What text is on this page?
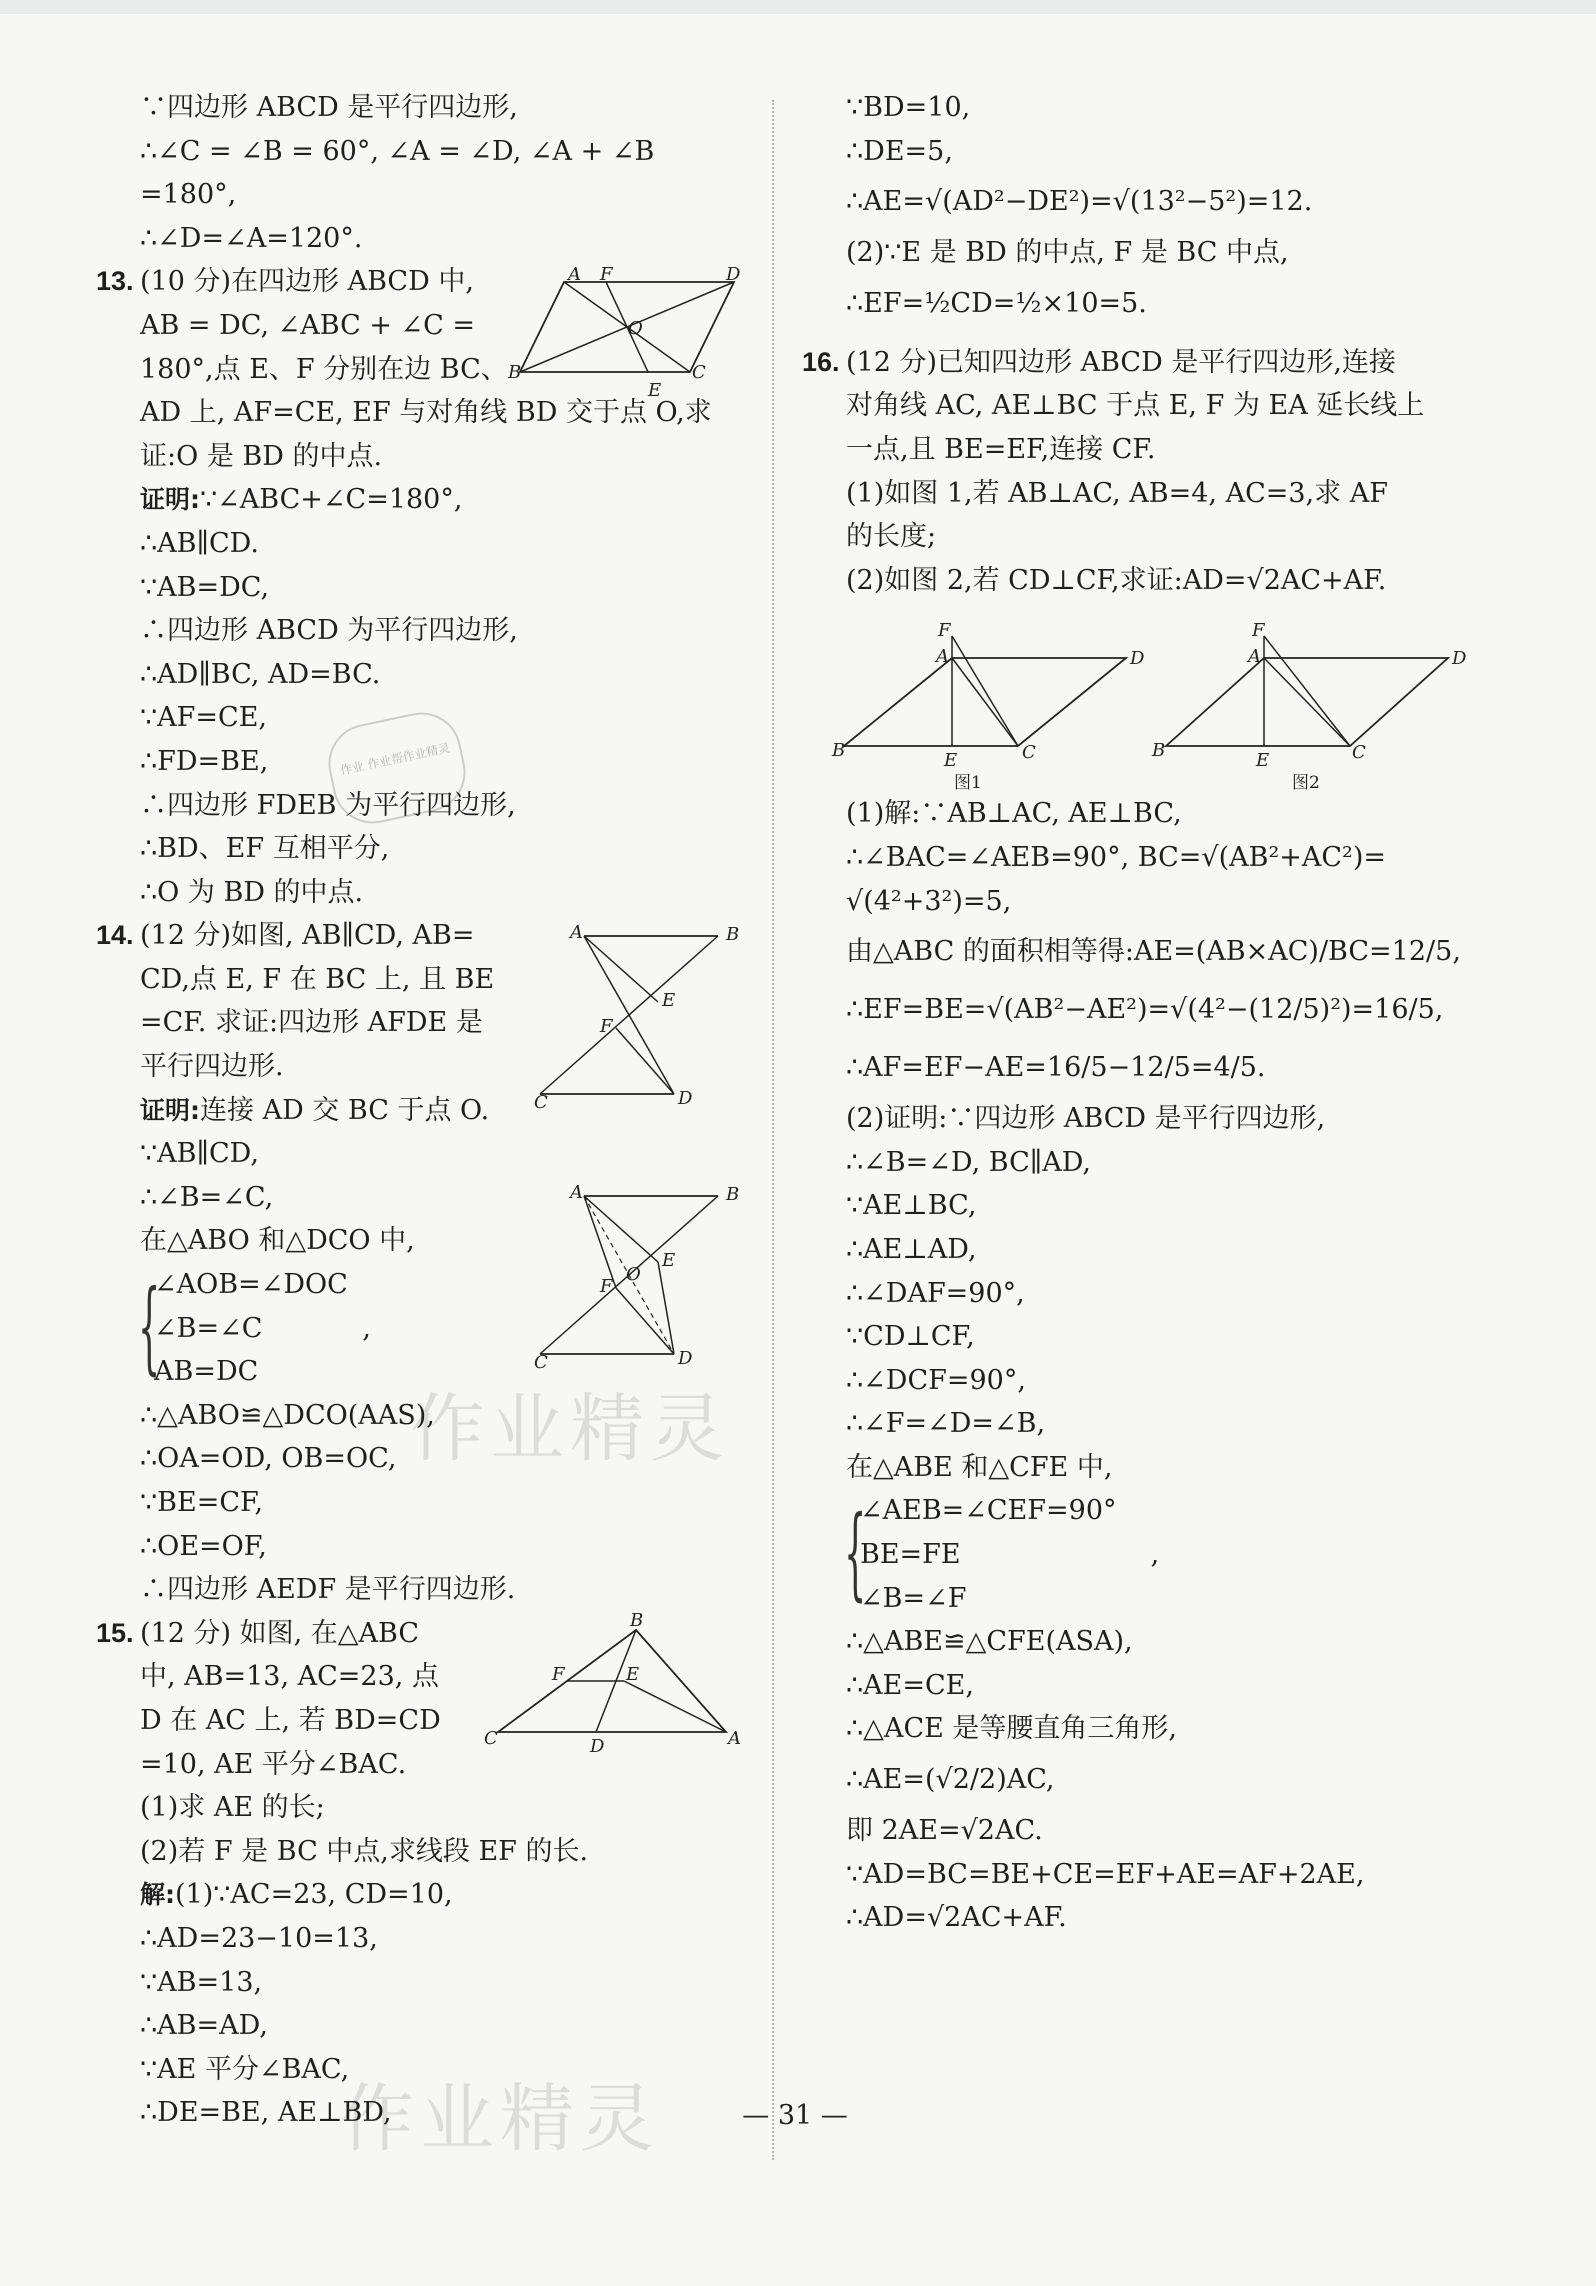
作业精灵
作业精灵
作业 作业帮作业精灵
∵四边形 ABCD 是平行四边形,
∴∠C = ∠B = 60°, ∠A = ∠D, ∠A + ∠B
=180°,
∴∠D=∠A=120°.
13. (10 分)在四边形 ABCD 中,
AB = DC, ∠ABC + ∠C =
180°,点 E、F 分别在边 BC、
AD 上, AF=CE, EF 与对角线 BD 交于点 O,求
证:O 是 BD 的中点.
证明:∵∠ABC+∠C=180°,
∴AB∥CD.
∵AB=DC,
∴四边形 ABCD 为平行四边形,
∴AD∥BC, AD=BC.
∵AF=CE,
∴FD=BE,
∴四边形 FDEB 为平行四边形,
∴BD、EF 互相平分,
∴O 为 BD 的中点.
14. (12 分)如图, AB∥CD, AB=
CD,点 E, F 在 BC 上, 且 BE
=CF. 求证:四边形 AFDE 是
平行四边形.
证明:连接 AD 交 BC 于点 O.
∵AB∥CD,
∴∠B=∠C,
在△ABO 和△DCO 中,
{
∠AOB=∠DOC
∠B=∠C	,
AB=DC
∴△ABO≌△DCO(AAS),
∴OA=OD, OB=OC,
∵BE=CF,
∴OE=OF,
∴四边形 AEDF 是平行四边形.
15. (12 分) 如图, 在△ABC
中, AB=13, AC=23, 点
D 在 AC 上, 若 BD=CD
=10, AE 平分∠BAC.
(1)求 AE 的长;
(2)若 F 是 BC 中点,求线段 EF 的长.
解:(1)∵AC=23, CD=10,
∴AD=23−10=13,
∵AB=13,
∴AB=AD,
∵AE 平分∠BAC,
∴DE=BE, AE⊥BD,
A F	D
B	C
E
O
A	B
C	D
E
F
A	B
C	D
E
F
O
B
C	A
D
F	E
∵BD=10,
∴DE=5,
∴AE=√(AD²−DE²)=√(13²−5²)=12.
(2)∵E 是 BD 的中点, F 是 BC 中点,
∴EF=½CD=½×10=5.
16. (12 分)已知四边形 ABCD 是平行四边形,连接
对角线 AC, AE⊥BC 于点 E, F 为 EA 延长线上
一点,且 BE=EF,连接 CF.
(1)如图 1,若 AB⊥AC, AB=4, AC=3,求 AF
的长度;
(2)如图 2,若 CD⊥CF,求证:AD=√2AC+AF.
(1)解:∵AB⊥AC, AE⊥BC,
∴∠BAC=∠AEB=90°, BC=√(AB²+AC²)=
√(4²+3²)=5,
由△ABC 的面积相等得:AE=(AB×AC)/BC=12/5,
∴EF=BE=√(AB²−AE²)=√(4²−(12/5)²)=16/5,
∴AF=EF−AE=16/5−12/5=4/5.
(2)证明:∵四边形 ABCD 是平行四边形,
∴∠B=∠D, BC∥AD,
∵AE⊥BC,
∴AE⊥AD,
∴∠DAF=90°,
∵CD⊥CF,
∴∠DCF=90°,
∴∠F=∠D=∠B,
在△ABE 和△CFE 中,
{
∠AEB=∠CEF=90°
BE=FE	,
∠B=∠F
∴△ABE≌△CFE(ASA),
∴AE=CE,
∴△ACE 是等腰直角三角形,
∴AE=(√2/2)AC,
即 2AE=√2AC.
∵AD=BC=BE+CE=EF+AE=AF+2AE,
∴AD=√2AC+AF.
F
A	D
B	E	C
图1
F
A	D
B	E	C
图2
— 31 —
